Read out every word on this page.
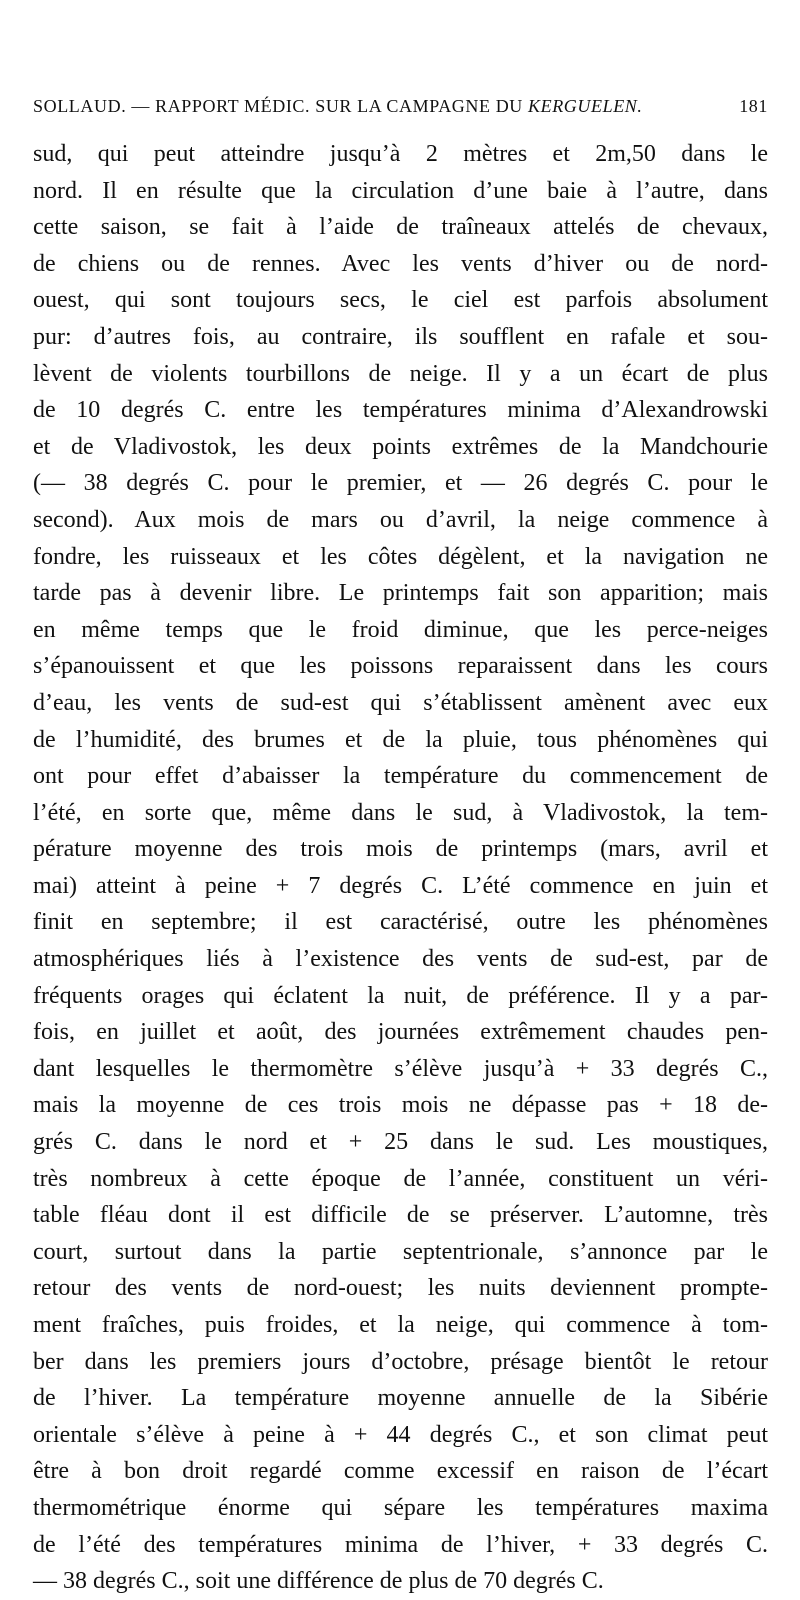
SOLLAUD. — RAPPORT MÉDIC. SUR LA CAMPAGNE DU KERGUELEN.	181
sud, qui peut atteindre jusqu’à 2 mètres et 2m,50 dans le
nord. Il en résulte que la circulation d’une baie à l’autre, dans
cette saison, se fait à l’aide de traîneaux attelés de chevaux,
de chiens ou de rennes. Avec les vents d’hiver ou de nord-
ouest, qui sont toujours secs, le ciel est parfois absolument
pur: d’autres fois, au contraire, ils soufflent en rafale et sou-
lèvent de violents tourbillons de neige. Il y a un écart de plus
de 10 degrés C. entre les températures minima d’Alexandrowski
et de Vladivostok, les deux points extrêmes de la Mandchourie
(— 38 degrés C. pour le premier, et — 26 degrés C. pour le
second). Aux mois de mars ou d’avril, la neige commence à
fondre, les ruisseaux et les côtes dégèlent, et la navigation ne
tarde pas à devenir libre. Le printemps fait son apparition; mais
en même temps que le froid diminue, que les perce-neiges
s’épanouissent et que les poissons reparaissent dans les cours
d’eau, les vents de sud-est qui s’établissent amènent avec eux
de l’humidité, des brumes et de la pluie, tous phénomènes qui
ont pour effet d’abaisser la température du commencement de
l’été, en sorte que, même dans le sud, à Vladivostok, la tem-
pérature moyenne des trois mois de printemps (mars, avril et
mai) atteint à peine + 7 degrés C. L’été commence en juin et
finit en septembre; il est caractérisé, outre les phénomènes
atmosphériques liés à l’existence des vents de sud-est, par de
fréquents orages qui éclatent la nuit, de préférence. Il y a par-
fois, en juillet et août, des journées extrêmement chaudes pen-
dant lesquelles le thermomètre s’élève jusqu’à + 33 degrés C.,
mais la moyenne de ces trois mois ne dépasse pas + 18 de-
grés C. dans le nord et + 25 dans le sud. Les moustiques,
très nombreux à cette époque de l’année, constituent un véri-
table fléau dont il est difficile de se préserver. L’automne, très
court, surtout dans la partie septentrionale, s’annonce par le
retour des vents de nord-ouest; les nuits deviennent prompte-
ment fraîches, puis froides, et la neige, qui commence à tom-
ber dans les premiers jours d’octobre, présage bientôt le retour
de l’hiver. La température moyenne annuelle de la Sibérie
orientale s’élève à peine à + 44 degrés C., et son climat peut
être à bon droit regardé comme excessif en raison de l’écart
thermométrique énorme qui sépare les températures maxima
de l’été des températures minima de l’hiver, + 33 degrés C.
— 38 degrés C., soit une différence de plus de 70 degrés C.
